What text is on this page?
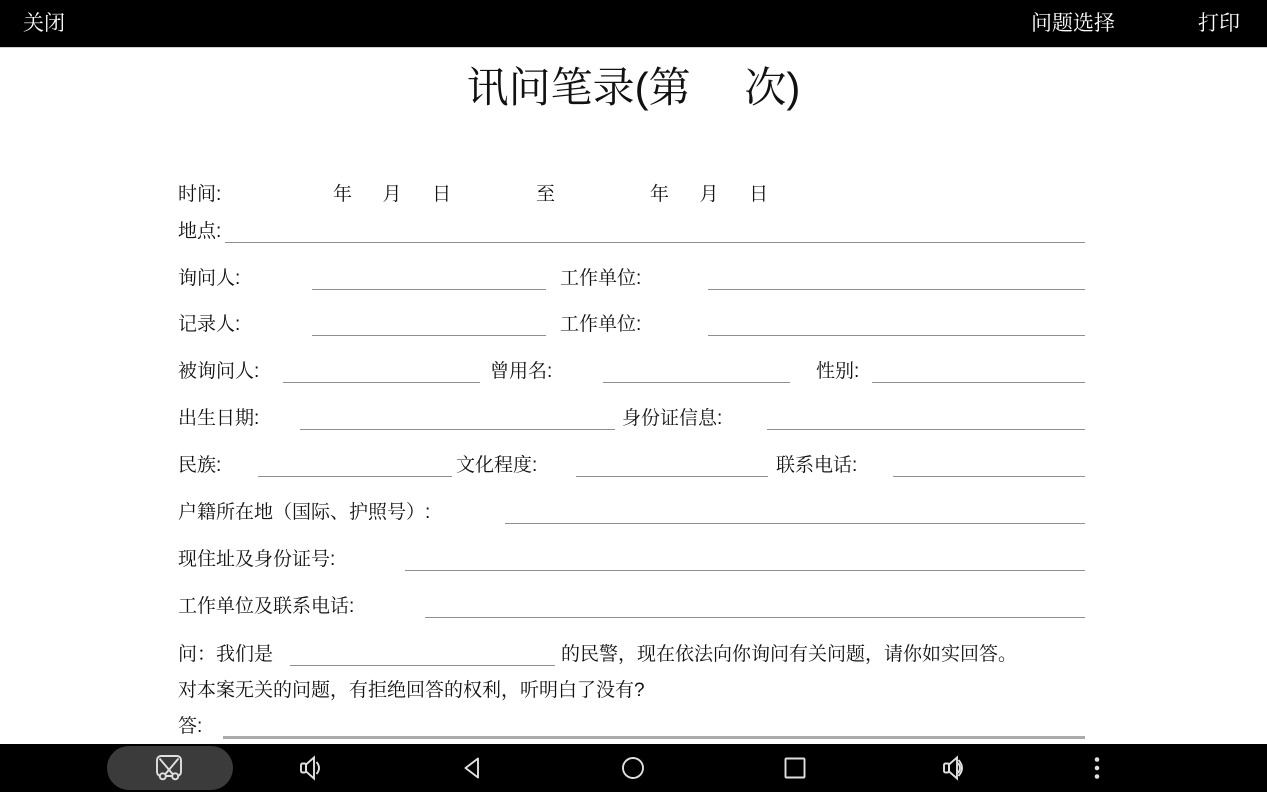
关闭	问题选择	打印
讯问笔录(第　 次)
时间:	年  月  日	至	年  月  日
地点:
询问人:	工作单位:
记录人:	工作单位:
被询问人:	曾用名:	性别:
出生日期:	身份证信息:
民族:	文化程度:	联系电话:
户籍所在地（国际、护照号）:
现住址及身份证号:
工作单位及联系电话:
问：我们是	的民警，现在依法向你询问有关问题，请你如实回答。
对本案无关的问题，有拒绝回答的权利，听明白了没有?
答:
